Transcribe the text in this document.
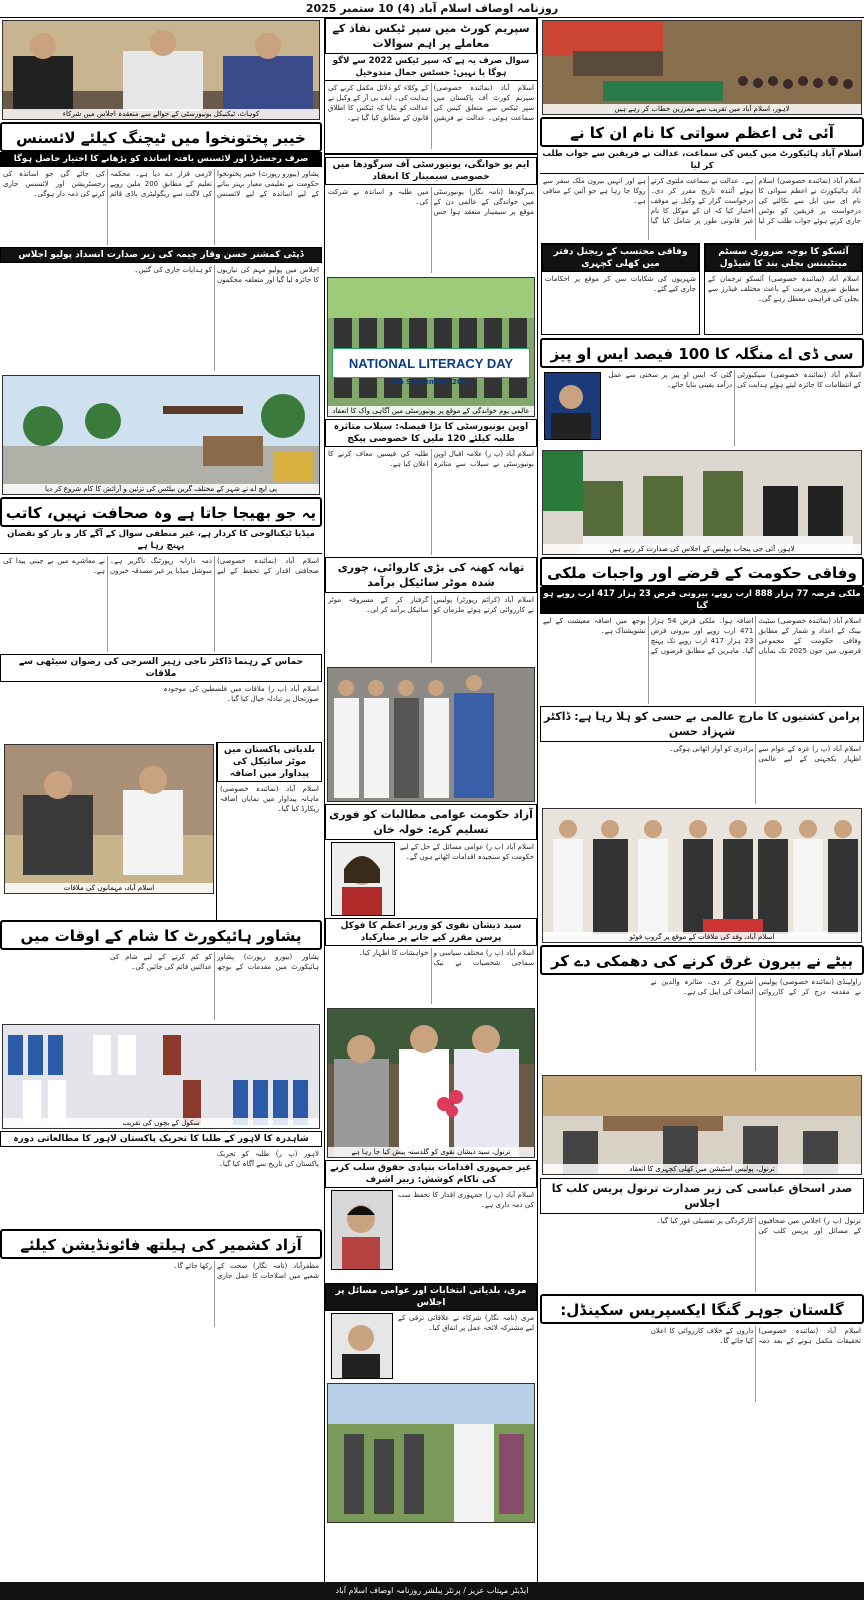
روزنامہ اوصاف اسلام آباد (4) 10 ستمبر 2025
لاہور، اسلام آباد میں تقریب سے معززین خطاب کر رہے ہیں
آئی ٹی اعظم سواتی کا نام ان کا نے
اسلام آباد ہائیکورٹ میں کیس کی سماعت، عدالت نے فریقین سے جواب طلب کر لیا
اسلام آباد (نمائندہ خصوصی) اسلام آباد ہائیکورٹ نے اعظم سواتی کا نام ای سی ایل سے نکالنے کی درخواست پر فریقین کو نوٹس جاری کرتے ہوئے جواب طلب کر لیا ہے۔ عدالت نے سماعت ملتوی کرتے ہوئے آئندہ تاریخ مقرر کر دی۔ درخواست گزار کے وکیل نے موقف اختیار کیا کہ ان کے موکل کا نام غیر قانونی طور پر شامل کیا گیا ہے اور انہیں بیرون ملک سفر سے روکا جا رہا ہے جو آئین کے منافی ہے۔
آئسکو کا بوجہ ضروری سسٹم مینٹیننس بجلی بند کا شیڈول
اسلام آباد (نمائندہ خصوصی) آئسکو ترجمان کے مطابق ضروری مرمت کے باعث مختلف فیڈرز سے بجلی کی فراہمی معطل رہے گی۔
وفاقی محتسب کے ریجنل دفتر میں کھلی کچہری
شہریوں کی شکایات سن کر موقع پر احکامات جاری کیے گئے۔
سی ڈی اے منگلہ کا 100 فیصد ایس او پیز
اسلام آباد (نمائندہ خصوصی) سیکیورٹی کے انتظامات کا جائزہ لیتے ہوئے ہدایت کی گئی کہ ایس او پیز پر سختی سے عمل درآمد یقینی بنایا جائے۔
لاہور، آئی جی پنجاب پولیس کے اجلاس کی صدارت کر رہے ہیں
وفاقی حکومت کے قرضے اور واجبات ملکی
ملکی قرضہ 77 ہزار 888 ارب روپے، بیرونی قرض 23 ہزار 417 ارب روپے ہو گیا
اسلام آباد (نمائندہ خصوصی) سٹیٹ بینک کے اعداد و شمار کے مطابق وفاقی حکومت کے مجموعی قرضوں میں جون 2025 تک نمایاں اضافہ ہوا۔ ملکی قرض 54 ہزار 471 ارب روپے اور بیرونی قرض 23 ہزار 417 ارب روپے تک پہنچ گیا۔ ماہرین کے مطابق قرضوں کے بوجھ میں اضافہ معیشت کے لیے تشویشناک ہے۔
پرامن کشتیوں کا مارچ عالمی بے حسی کو ہلا رہا ہے: ڈاکٹر شہزاد حسن
اسلام آباد (پ ر) غزہ کے عوام سے اظہار یکجہتی کے لیے عالمی برادری کو آواز اٹھانی ہوگی۔
اسلام آباد، وفد کی ملاقات کے موقع پر گروپ فوٹو
بیٹے نے بیرون غرق کرنے کی دھمکی دے کر
راولپنڈی (نمائندہ خصوصی) پولیس نے مقدمہ درج کر کے کارروائی شروع کر دی۔ متاثرہ والدین نے انصاف کی اپیل کی ہے۔
ترنول، پولیس اسٹیشن میں کھلی کچہری کا انعقاد
صدر اسحاق عباسی کی زیر صدارت ترنول پریس کلب کا اجلاس
ترنول (پ ر) اجلاس میں صحافیوں کے مسائل اور پریس کلب کی کارکردگی پر تفصیلی غور کیا گیا۔
گلستان جوہر گنگا ایکسپریس سکینڈل:
اسلام آباد (نمائندہ خصوصی) تحقیقات مکمل ہونے کے بعد ذمہ داروں کے خلاف کارروائی کا اعلان کیا جائے گا۔
سپریم کورٹ میں سپر ٹیکس نفاذ کے معاملے پر اہم سوالات
سوال صرف یہ ہے کہ سپر ٹیکس 2022 سے لاگو ہوگا یا نہیں: جسٹس جمال مندوخیل
اسلام آباد (نمائندہ خصوصی) سپریم کورٹ آف پاکستان میں سپر ٹیکس سے متعلق کیس کی سماعت ہوئی۔ عدالت نے فریقین کے وکلاء کو دلائل مکمل کرنے کی ہدایت کی۔ ایف بی آر کے وکیل نے عدالت کو بتایا کہ ٹیکس کا اطلاق قانون کے مطابق کیا گیا ہے۔
ایم یو خوانگی، یونیورسٹی آف سرگودھا میں خصوصی سیمینار کا انعقاد
سرگودھا (نامہ نگار) یونیورسٹی میں خواندگی کے عالمی دن کے موقع پر سیمینار منعقد ہوا جس میں طلبہ و اساتذہ نے شرکت کی۔
NATIONAL LITERACY DAY
8th September 2025
عالمی یوم خواندگی کے موقع پر یونیورسٹی میں آگاہی واک کا انعقاد
اوپن یونیورسٹی کا بڑا فیصلہ: سیلاب متاثرہ طلبہ کیلئے 120 ملین کا خصوصی پیکج
اسلام آباد (پ ر) علامہ اقبال اوپن یونیورسٹی نے سیلاب سے متاثرہ طلبہ کی فیسیں معاف کرنے کا اعلان کیا ہے۔
تھانہ کھنہ کی بڑی کاروائی، چوری شدہ موٹر سائیکل برآمد
اسلام آباد (کرائم رپورٹر) پولیس نے کارروائی کرتے ہوئے ملزمان کو گرفتار کر کے مسروقہ موٹر سائیکل برآمد کر لی۔
آزاد حکومت عوامی مطالبات کو فوری تسلیم کرے: خولہ خان
اسلام آباد (پ ر) عوامی مسائل کے حل کے لیے حکومت کو سنجیدہ اقدامات اٹھانے ہوں گے۔
سید ذیشان نقوی کو وزیر اعظم کا فوکل پرسن مقرر کیے جانے پر مبارکباد
اسلام آباد (پ ر) مختلف سیاسی و سماجی شخصیات نے نیک خواہشات کا اظہار کیا۔
ترنول، سید ذیشان نقوی کو گلدستہ پیش کیا جا رہا ہے
غیر جمہوری اقدامات بنیادی حقوق سلب کرنے کی ناکام کوشش: زبیر اشرف
اسلام آباد (پ ر) جمہوری اقدار کا تحفظ سب کی ذمہ داری ہے۔
مری، بلدیاتی انتخابات اور عوامی مسائل پر اجلاس
مری (نامہ نگار) شرکاء نے علاقائی ترقی کے لیے مشترکہ لائحہ عمل پر اتفاق کیا۔
کوہاٹ، ٹیکنیکل یونیورسٹی کے حوالے سے منعقدہ اجلاس میں شرکاء
خیبر پختونخوا میں ٹیچنگ کیلئے لائسنس
صرف رجسٹرڈ اور لائسنس یافتہ اساتذہ کو پڑھانے کا اختیار حاصل ہوگا
پشاور (بیورو رپورٹ) خیبر پختونخوا حکومت نے تعلیمی معیار بہتر بنانے کے لیے اساتذہ کے لیے لائسنس لازمی قرار دے دیا ہے۔ محکمہ تعلیم کے مطابق 200 ملین روپے کی لاگت سے ریگولیٹری باڈی قائم کی جائے گی جو اساتذہ کی رجسٹریشن اور لائسنس جاری کرنے کی ذمہ دار ہوگی۔
ڈپٹی کمشنر حسن وقار چیمہ کی زیر صدارت انسداد پولیو اجلاس
اجلاس میں پولیو مہم کی تیاریوں کا جائزہ لیا گیا اور متعلقہ محکموں کو ہدایات جاری کی گئیں۔
پی ایچ اے نے شہر کے مختلف گرین بیلٹس کی تزئین و آرائش کا کام شروع کر دیا
یہ جو بھیجا جاتا ہے وہ صحافت نہیں، کاتب
میڈیا ٹیکنالوجی کا کردار ہے، غیر منطقی سوال کے آگے کار و بار کو نقصان پہنچ رہا ہے
اسلام آباد (نمائندہ خصوصی) صحافتی اقدار کے تحفظ کے لیے ذمہ دارانہ رپورٹنگ ناگزیر ہے۔ سوشل میڈیا پر غیر مصدقہ خبروں نے معاشرے میں بے چینی پیدا کی ہے۔
حماس کے رہنما ڈاکٹر ناجی زہیر السرجی کی رضوان سیٹھی سے ملاقات
اسلام آباد (پ ر) ملاقات میں فلسطین کی موجودہ صورتحال پر تبادلہ خیال کیا گیا۔
بلدیاتی پاکستان میں موٹر سائیکل کی پیداوار میں اضافہ
اسلام آباد (نمائندہ خصوصی) ماہانہ پیداوار میں نمایاں اضافہ ریکارڈ کیا گیا۔
اسلام آباد، مہمانوں کی ملاقات
پشاور ہائیکورٹ کا شام کے اوقات میں
پشاور (بیورو رپورٹ) پشاور ہائیکورٹ میں مقدمات کے بوجھ کو کم کرنے کے لیے شام کی عدالتیں قائم کی جائیں گی۔
سکول کے بچوں کی تقریب
شاہدرہ کا لاہور کے طلبا کا تحریک پاکستان لاہور کا مطالعاتی دورہ
لاہور (پ ر) طلبہ کو تحریک پاکستان کی تاریخ سے آگاہ کیا گیا۔
آزاد کشمیر کی ہیلتھ فائونڈیشن کیلئے
مظفرآباد (نامہ نگار) صحت کے شعبے میں اصلاحات کا عمل جاری رکھا جائے گا۔
ایڈیٹر مہتاب عزیز / پرنٹر پبلشر روزنامہ اوصاف اسلام آباد
